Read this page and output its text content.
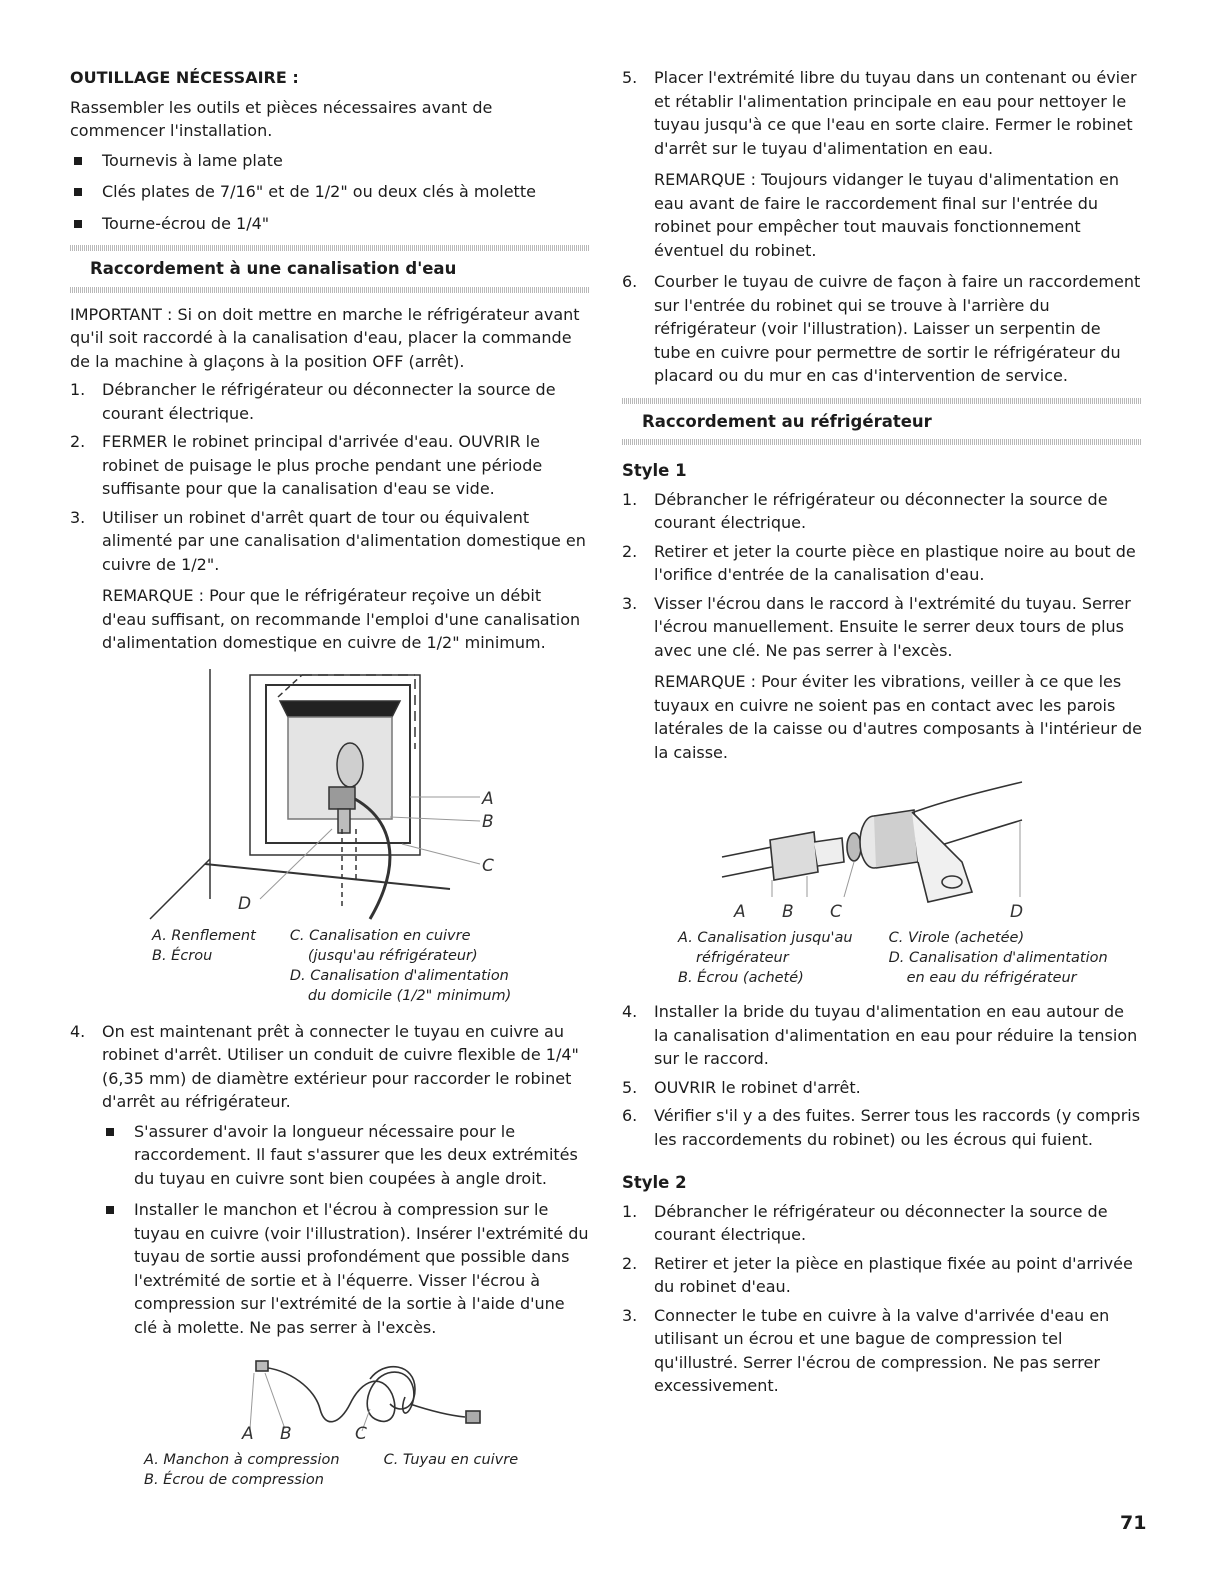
OUTILLAGE NÉCESSAIRE :

Rassembler les outils et pièces nécessaires avant de commencer l'installation.

Tournevis à lame plate

Clés plates de 7/16" et de 1/2" ou deux clés à molette

Tourne-écrou de 1/4"

Raccordement à une canalisation d'eau

IMPORTANT : Si on doit mettre en marche le réfrigérateur avant qu'il soit raccordé à la canalisation d'eau, placer la commande de la machine à glaçons à la position OFF (arrêt).

1. Débrancher le réfrigérateur ou déconnecter la source de courant électrique.
2. FERMER le robinet principal d'arrivée d'eau. OUVRIR le robinet de puisage le plus proche pendant une période suffisante pour que la canalisation d'eau se vide.
3. Utiliser un robinet d'arrêt quart de tour ou équivalent alimenté par une canalisation d'alimentation domestique en cuivre de 1/2".

REMARQUE : Pour que le réfrigérateur reçoive un débit d'eau suffisant, on recommande l'emploi d'une canalisation d'alimentation domestique en cuivre de 1/2" minimum.

A
B
C
D
A. Renflement
B. Écrou
C. Canalisation en cuivre
(jusqu'au réfrigérateur)
D. Canalisation d'alimentation
du domicile (1/2" minimum)
4. On est maintenant prêt à connecter le tuyau en cuivre au robinet d'arrêt. Utiliser un conduit de cuivre flexible de 1/4" (6,35 mm) de diamètre extérieur pour raccorder le robinet d'arrêt au réfrigérateur.

S'assurer d'avoir la longueur nécessaire pour le raccordement. Il faut s'assurer que les deux extrémités du tuyau en cuivre sont bien coupées à angle droit.

Installer le manchon et l'écrou à compression sur le tuyau en cuivre (voir l'illustration). Insérer l'extrémité du tuyau de sortie aussi profondément que possible dans l'extrémité de sortie et à l'équerre. Visser l'écrou à compression sur l'extrémité de la sortie à l'aide d'une clé à molette. Ne pas serrer à l'excès.

A B	C
A. Manchon à compression
B. Écrou de compression
C. Tuyau en cuivre
5. Placer l'extrémité libre du tuyau dans un contenant ou évier et rétablir l'alimentation principale en eau pour nettoyer le tuyau jusqu'à ce que l'eau en sorte claire. Fermer le robinet d'arrêt sur le tuyau d'alimentation en eau.

REMARQUE : Toujours vidanger le tuyau d'alimentation en eau avant de faire le raccordement final sur l'entrée du robinet pour empêcher tout mauvais fonctionnement éventuel du robinet.

6. Courber le tuyau de cuivre de façon à faire un raccordement sur l'entrée du robinet qui se trouve à l'arrière du réfrigérateur (voir l'illustration). Laisser un serpentin de tube en cuivre pour permettre de sortir le réfrigérateur du placard ou du mur en cas d'intervention de service.
Raccordement au réfrigérateur

Style 1

1. Débrancher le réfrigérateur ou déconnecter la source de courant électrique.
2. Retirer et jeter la courte pièce en plastique noire au bout de l'orifice d'entrée de la canalisation d'eau.
3. Visser l'écrou dans le raccord à l'extrémité du tuyau. Serrer l'écrou manuellement. Ensuite le serrer deux tours de plus avec une clé. Ne pas serrer à l'excès.

REMARQUE : Pour éviter les vibrations, veiller à ce que les tuyaux en cuivre ne soient pas en contact avec les parois latérales de la caisse ou d'autres composants à l'intérieur de la caisse.

A B C	D
A. Canalisation jusqu'au
réfrigérateur
B. Écrou (acheté)
C. Virole (achetée)
D. Canalisation d'alimentation
en eau du réfrigérateur
4. Installer la bride du tuyau d'alimentation en eau autour de la canalisation d'alimentation en eau pour réduire la tension sur le raccord.
5. OUVRIR le robinet d'arrêt.
6. Vérifier s'il y a des fuites. Serrer tous les raccords (y compris les raccordements du robinet) ou les écrous qui fuient.

Style 2

1. Débrancher le réfrigérateur ou déconnecter la source de courant électrique.
2. Retirer et jeter la pièce en plastique fixée au point d'arrivée du robinet d'eau.
3. Connecter le tube en cuivre à la valve d'arrivée d'eau en utilisant un écrou et une bague de compression tel qu'illustré. Serrer l'écrou de compression. Ne pas serrer excessivement.
71
